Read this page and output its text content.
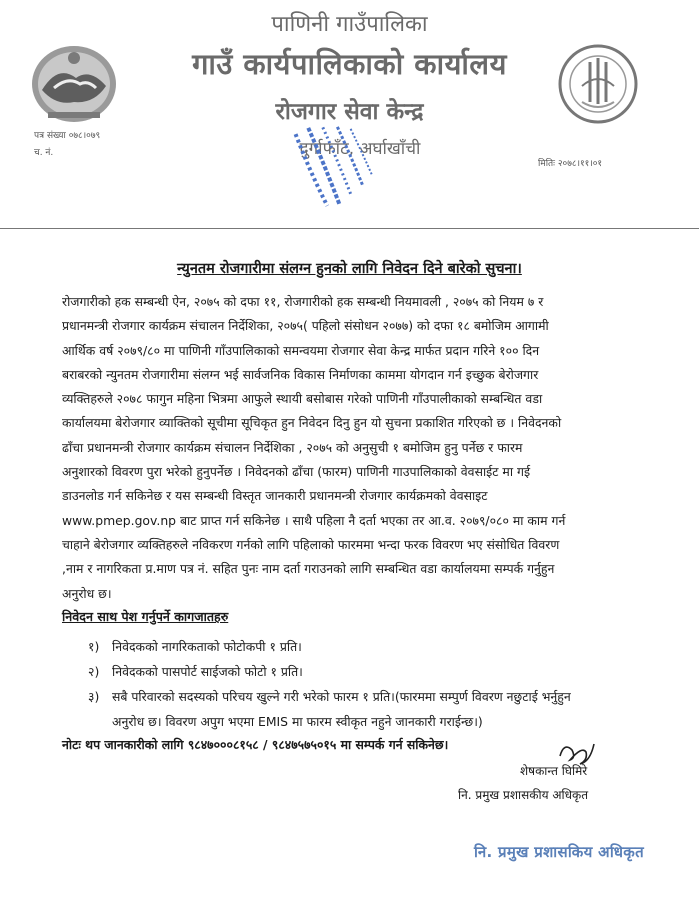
पाणिनी गाउँपालिका
गाउँ कार्यपालिकाको कार्यालय
रोजगार सेवा केन्द्र
दुर्गाफाँट, अर्घाखाँची
पत्र संख्या ०७८।०७९
च. नं.
मितिः २०७८।११।०१
न्युनतम रोजगारीमा संलग्न हुनको लागि निवेदन दिने बारेको सुचना।
रोजगारीको हक सम्बन्धी ऐन, २०७५ को दफा ११, रोजगारीको हक सम्बन्धी नियमावली , २०७५ को नियम ७ र
प्रधानमन्त्री रोजगार कार्यक्रम संचालन निर्देशिका, २०७५( पहिलो संसोधन २०७७) को दफा १८ बमोजिम आगामी
आर्थिक वर्ष २०७९/८० मा पाणिनी गाँउपालिकाको समन्वयमा रोजगार सेवा केन्द्र मार्फत प्रदान गरिने १०० दिन
बराबरको न्युनतम रोजगारीमा संलग्न भई सार्वजनिक विकास निर्माणका काममा योगदान गर्न इच्छुक बेरोजगार
व्यक्तिहरुले २०७८ फागुन महिना भित्रमा आफुले स्थायी बसोबास गरेको पाणिनी गाँउपालीकाको सम्बन्धित वडा
कार्यालयमा बेरोजगार व्याक्तिको सूचीमा सूचिकृत हुन निवेदन दिनु हुन यो सुचना प्रकाशित गरिएको छ । निवेदनको
ढाँचा प्रधानमन्त्री रोजगार कार्यक्रम संचालन निर्देशिका , २०७५ को अनुसुची १ बमोजिम हुनु पर्नेछ र फारम
अनुशारको विवरण पुरा भरेको हुनुपर्नेछ । निवेदनको ढाँचा (फारम) पाणिनी गाउपालिकाको वेवसाईट मा गई
डाउनलोड गर्न सकिनेछ र यस सम्बन्धी विस्तृत जानकारी प्रधानमन्त्री रोजगार कार्यक्रमको वेवसाइट
www.pmep.gov.np बाट प्राप्त गर्न सकिनेछ । साथै पहिला नै दर्ता भएका तर आ.व. २०७९/०८० मा काम गर्न
चाहाने बेरोजगार व्यक्तिहरुले नविकरण गर्नको लागि पहिलाको फारममा भन्दा फरक विवरण भए संसोधित विवरण
,नाम र नागरिकता प्र.माण पत्र नं. सहित पुनः नाम दर्ता गराउनको लागि सम्बन्धित वडा कार्यालयमा सम्पर्क गर्नुहुन
अनुरोध छ।
निवेदन साथ पेश गर्नुपर्ने कागजातहरु
१) निवेदकको नागरिकताको फोटोकपी १ प्रति।
२) निवेदकको पासपोर्ट साईजको फोटो १ प्रति।
३) सबै परिवारको सदस्यको परिचय खुल्ने गरी भरेको फारम १ प्रति।(फारममा सम्पुर्ण विवरण नछुटाई भर्नुहुन
अनुरोध छ। विवरण अपुग भएमा EMIS मा फारम स्वीकृत नहुने जानकारी गराईन्छ।)
नोटः थप जानकारीको लागि ९८४७०००८१५८ / ९८४७५७५०१५ मा सम्पर्क गर्न सकिनेछ।
शेषकान्त घिमिरे
नि. प्रमुख प्रशासकीय अधिकृत
नि. प्रमुख प्रशासकिय अधिकृत
